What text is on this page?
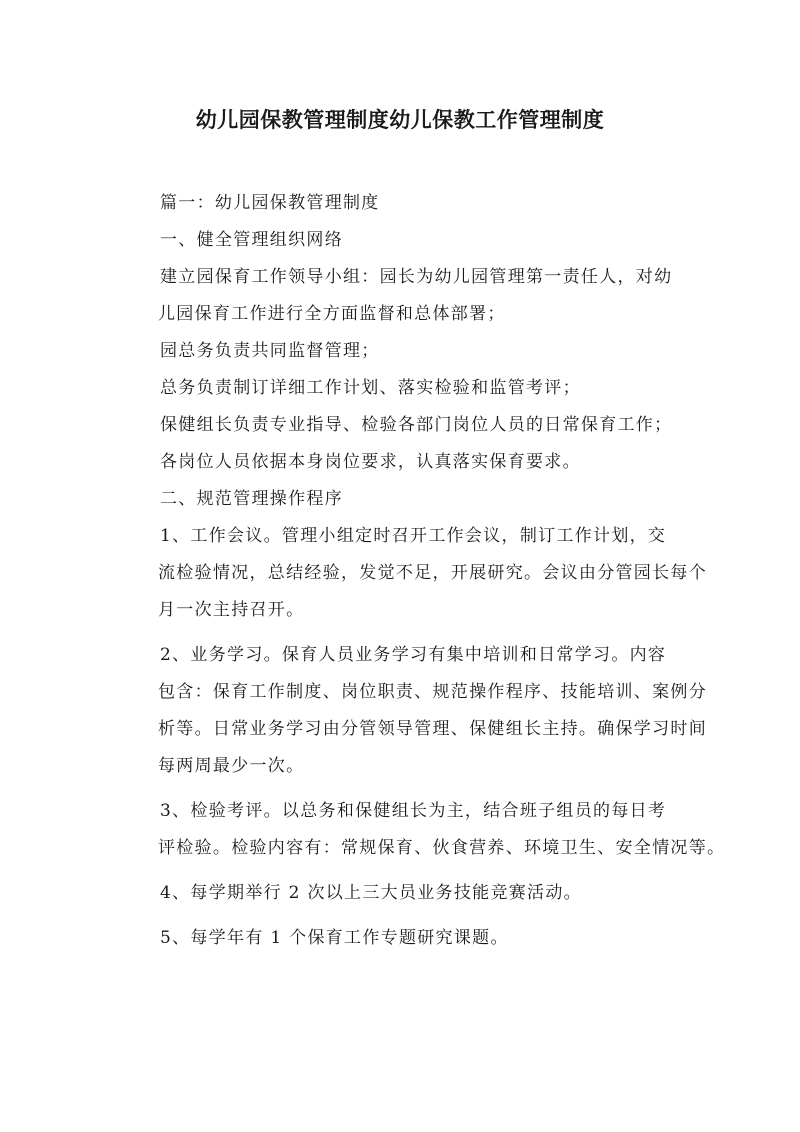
幼儿园保教管理制度幼儿保教工作管理制度

篇一：幼儿园保教管理制度

一、健全管理组织网络

建立园保育工作领导小组：园长为幼儿园管理第一责任人，对幼
儿园保育工作进行全方面监督和总体部署；

园总务负责共同监督管理；

总务负责制订详细工作计划、落实检验和监管考评；

保健组长负责专业指导、检验各部门岗位人员的日常保育工作；
各岗位人员依据本身岗位要求，认真落实保育要求。

二、规范管理操作程序

1、工作会议。管理小组定时召开工作会议，制订工作计划，交
流检验情况，总结经验，发觉不足，开展研究。会议由分管园长每个
月一次主持召开。

2、业务学习。保育人员业务学习有集中培训和日常学习。内容
包含：保育工作制度、岗位职责、规范操作程序、技能培训、案例分
析等。日常业务学习由分管领导管理、保健组长主持。确保学习时间
每两周最少一次。

3、检验考评。以总务和保健组长为主，结合班子组员的每日考
评检验。检验内容有：常规保育、伙食营养、环境卫生、安全情况等。

4、每学期举行 2 次以上三大员业务技能竞赛活动。

5、每学年有 1 个保育工作专题研究课题。
